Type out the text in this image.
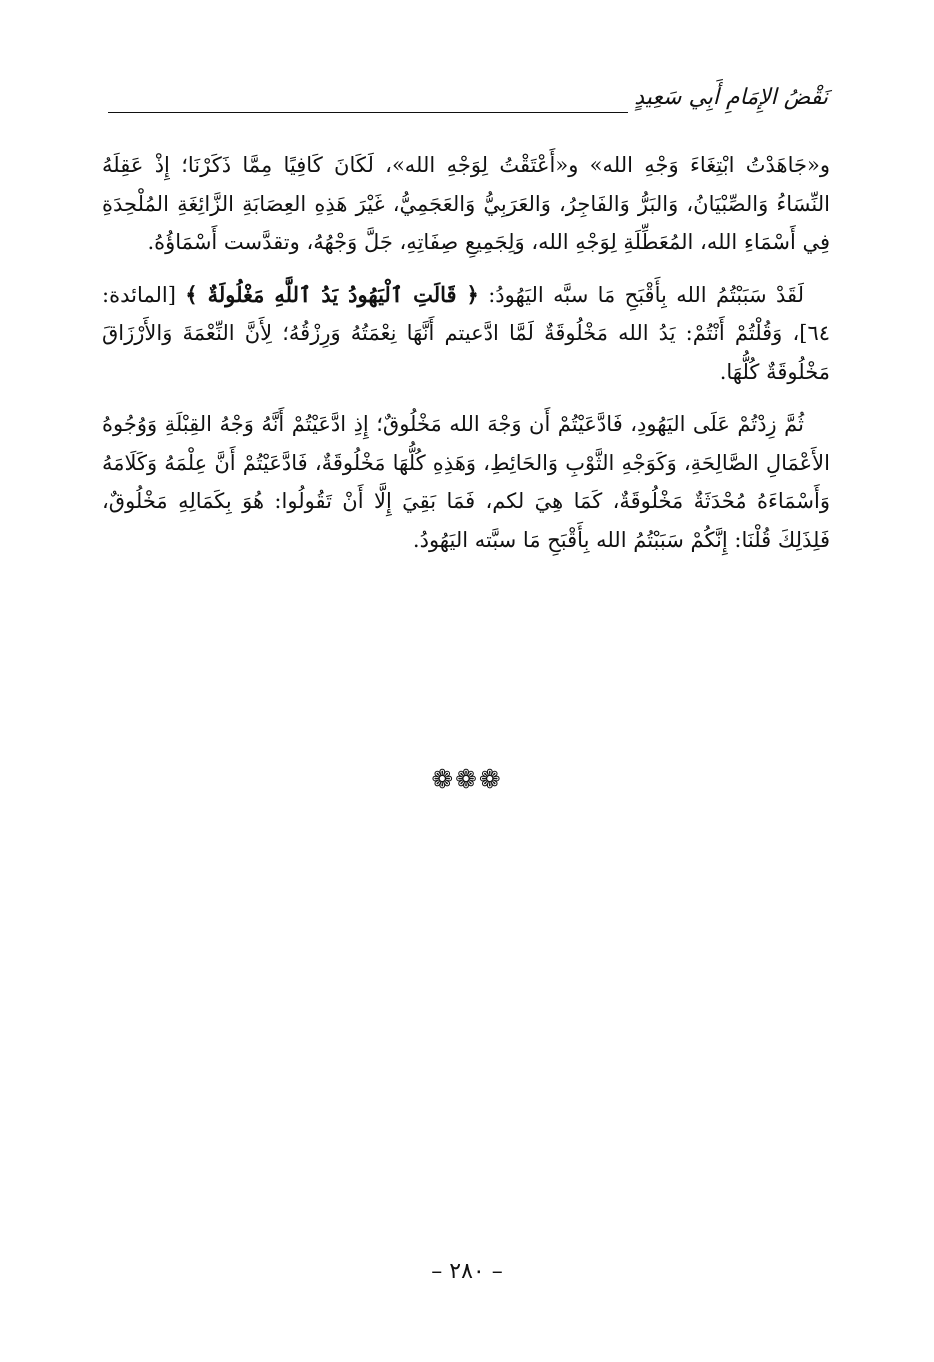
نَقْضُ الإِمَامِ أَبِي سَعِيدٍ

و«جَاهَدْتُ ابْتِغَاءَ وَجْهِ الله» و«أَعْتَقْتُ لِوَجْهِ الله»، لَكَانَ كَافِيًا مِمَّا ذَكَرْنَا؛ إِذْ عَقِلَهُ النِّسَاءُ وَالصِّبْيَانُ، وَالبَرُّ وَالفَاجِرُ، وَالعَرَبِيُّ وَالعَجَمِيُّ، غَيْرَ هَذِهِ العِصَابَةِ الزَّائِغَةِ المُلْحِدَةِ فِي أَسْمَاءِ الله، المُعَطِّلَةِ لِوَجْهِ الله، وَلِجَمِيعِ صِفَاتِهِ، جَلَّ وَجْهُهُ، وتقدَّست أَسْمَاؤُهُ.

لَقَدْ سَبَبْتُمُ الله بِأَقْبَحِ مَا سبَّه اليَهُودُ: ﴿ قَالَتِ ٱلْيَهُودُ يَدُ ٱللَّهِ مَغْلُولَةٌ ﴾ [المائدة: ٦٤]، وَقُلْتُمْ أَنْتُمْ: يَدُ الله مَخْلُوقَةٌ لَمَّا ادَّعيتم أَنَّهَا نِعْمَتُهُ وَرِزْقُهُ؛ لِأَنَّ النِّعْمَةَ وَالأَرْزَاقَ مَخْلُوقَةٌ كُلُّهَا.

ثُمَّ زِدْتُمْ عَلَى اليَهُودِ، فَادَّعَيْتُمْ أَن وَجْهَ الله مَخْلُوقٌ؛ إِذِ ادَّعَيْتُمْ أَنَّهُ وَجْهُ القِبْلَةِ وَوُجُوهُ الأَعْمَالِ الصَّالِحَةِ، وَكَوَجْهِ الثَّوْبِ وَالحَائِطِ، وَهَذِهِ كُلُّهَا مَخْلُوقَةٌ، فَادَّعَيْتُمْ أَنَّ عِلْمَهُ وَكَلَامَهُ وَأَسْمَاءَهُ مُحْدَثَةٌ مَخْلُوقَةٌ، كَمَا هِيَ لكم، فَمَا بَقِيَ إِلَّا أَنْ تَقُولُوا: هُوَ بِكَمَالِهِ مَخْلُوقٌ، فَلِذَلِكَ قُلْنَا: إِنَّكُمْ سَبَبْتُمُ الله بِأَقْبَحِ مَا سبَّته اليَهُودُ.

❁❁❁
– ٢٨٠ –
